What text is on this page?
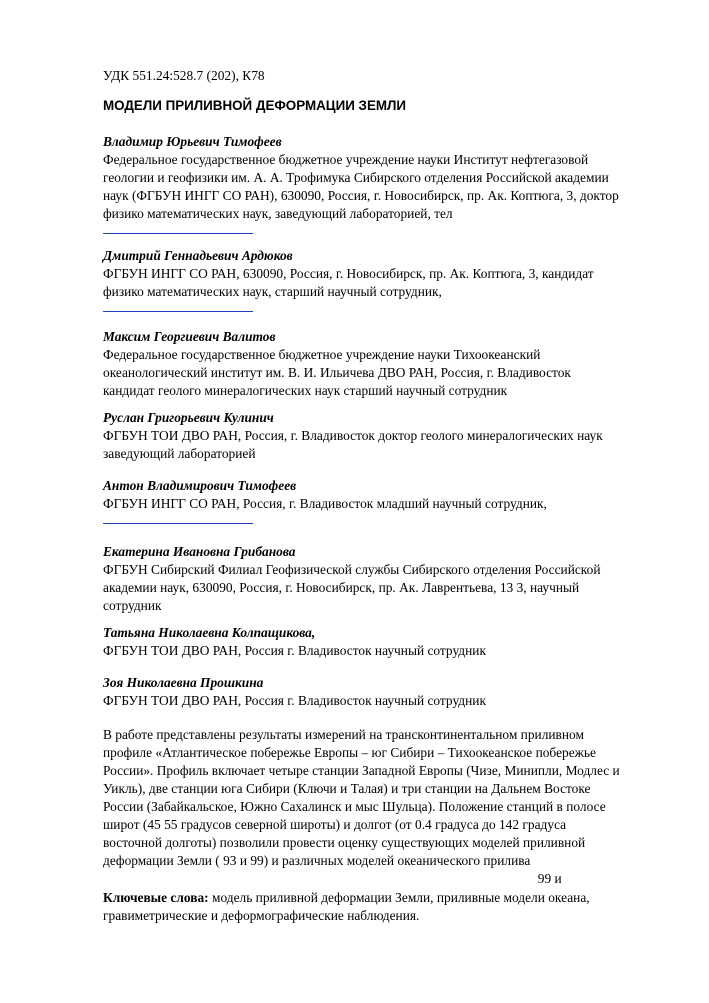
УДК 551.24:528.7 (202), К78
МОДЕЛИ ПРИЛИВНОЙ ДЕФОРМАЦИИ ЗЕМЛИ
Владимир Юрьевич Тимофеев
Федеральное государственное бюджетное учреждение науки Институт нефтегазовой
геологии и геофизики им. А. А. Трофимука Сибирского отделения Российской академии
наук (ФГБУН ИНГГ СО РАН), 630090, Россия, г. Новосибирск, пр. Ак. Коптюга, 3, доктор
физико математических наук, заведующий лабораторией, тел
Дмитрий Геннадьевич Ардюков
ФГБУН ИНГГ СО РАН, 630090, Россия, г. Новосибирск, пр. Ак. Коптюга, 3, кандидат
физико математических наук, старший научный сотрудник,
Максим Георгиевич Валитов
Федеральное государственное бюджетное учреждение науки Тихоокеанский
океанологический институт им. В. И. Ильичева ДВО РАН, Россия, г. Владивосток
кандидат геолого минералогических наук старший научный сотрудник
Руслан Григорьевич Кулинич
ФГБУН ТОИ ДВО РАН, Россия, г. Владивосток доктор геолого минералогических наук
заведующий лабораторией
Антон Владимирович Тимофеев
ФГБУН ИНГГ СО РАН, Россия, г. Владивосток младший научный сотрудник,
Екатерина Ивановна Грибанова
ФГБУН Сибирский Филиал Геофизической службы Сибирского отделения Российской
академии наук, 630090, Россия, г. Новосибирск, пр. Ак. Лаврентьева, 13 3, научный
сотрудник
Татьяна Николаевна Колпащикова,
ФГБУН ТОИ ДВО РАН, Россия г. Владивосток научный сотрудник
Зоя Николаевна Прошкина
ФГБУН ТОИ ДВО РАН, Россия г. Владивосток научный сотрудник
В работе представлены результаты измерений на трансконтинентальном приливном
профиле «Атлантическое побережье Европы – юг Сибири – Тихоокеанское побережье
России». Профиль включает четыре станции Западной Европы (Чизе, Минипли, Модлес и
Уикль), две станции юга Сибири (Ключи и Талая) и три станции на Дальнем Востоке
России (Забайкальское, Южно Сахалинск и мыс Шульца). Положение станций в полосе
широт (45 55 градусов северной широты) и долгот (от 0.4 градуса до 142 градуса
восточной долготы) позволили провести оценку существующих моделей приливной
деформации Земли ( 93 и 99) и различных моделей океанического прилива
99 и
Ключевые слова: модель приливной деформации Земли, приливные модели океана,
гравиметрические и деформографические наблюдения.
